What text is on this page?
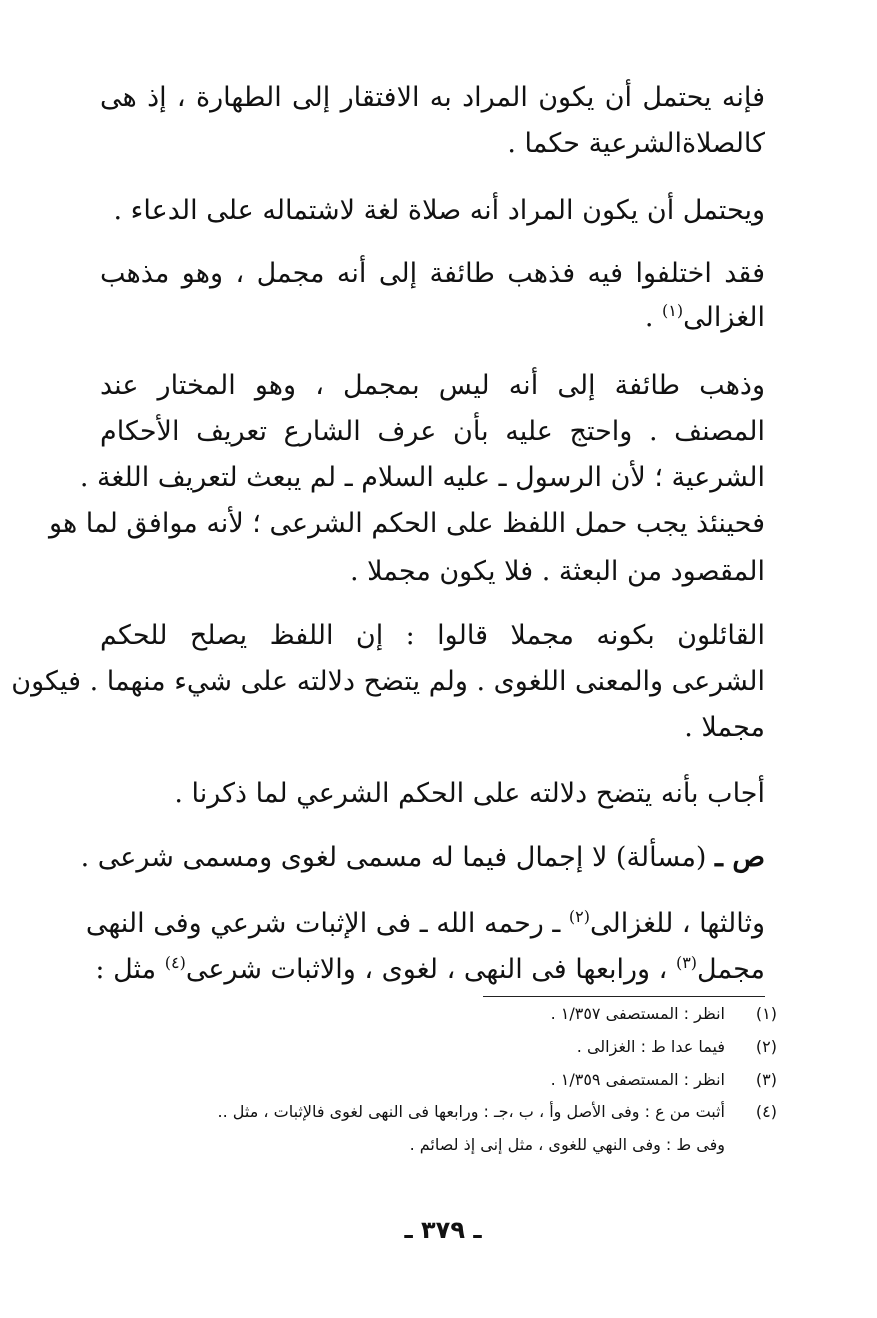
فإنه يحتمل أن يكون المراد به الافتقار إلى الطهارة ، إذ هى
كالصلاةالشرعية حكما .
ويحتمل أن يكون المراد أنه صلاة لغة لاشتماله على الدعاء .
فقد اختلفوا فيه فذهب طائفة إلى أنه مجمل ، وهو مذهب
الغزالى$^{(١)}$ .
وذهب طائفة إلى أنه ليس بمجمل ، وهو المختار عند
المصنف . واحتج عليه بأن عرف الشارع تعريف الأحكام
الشرعية ؛ لأن الرسول ـ عليه السلام ـ لم يبعث لتعريف اللغة .
فحينئذ يجب حمل اللفظ على الحكم الشرعى ؛ لأنه موافق لما هو
المقصود من البعثة . فلا يكون مجملا .
القائلون بكونه مجملا قالوا : إن اللفظ يصلح للحكم
الشرعى والمعنى اللغوى . ولم يتضح دلالته على شيء منهما . فيكون
مجملا .
أجاب بأنه يتضح دلالته على الحكم الشرعي لما ذكرنا .
ص ـ (مسألة) لا إجمال فيما له مسمى لغوى ومسمى شرعى .
وثالثها ، للغزالى$^{(٢)}$ ـ رحمه الله ـ فى الإثبات شرعي وفى النهى
مجمل$^{(٣)}$ ، ورابعها فى النهى ، لغوى ، والاثبات شرعى$^{(٤)}$ مثل :
(١)انظر : المستصفى ١/٣٥٧ .
(٢)فيما عدا ط : الغزالى .
(٣)انظر : المستصفى ١/٣٥٩ .
(٤)أثبت من ع : وفى الأصل وأ ، ب ،جـ : ورابعها فى النهى لغوى فالإثبات ، مثل ..
وفى ط : وفى النهي للغوى ، مثل إنى إذ لصائم .
ـ ٣٧٩ ـ
